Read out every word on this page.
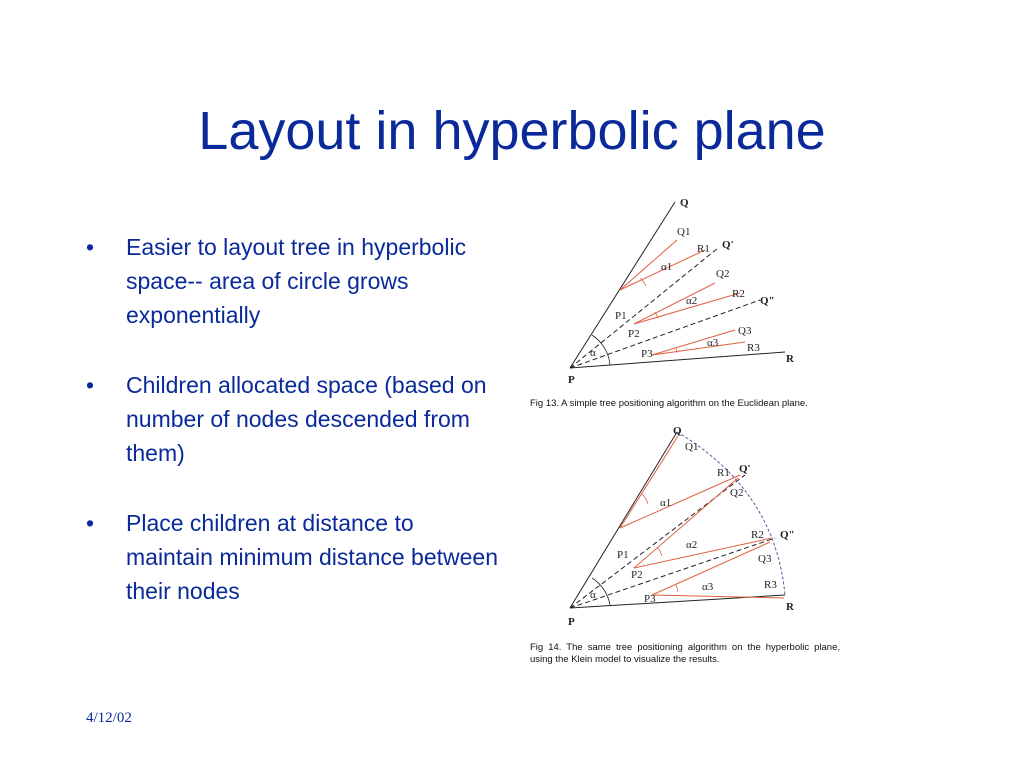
Layout in hyperbolic plane
• Easier to layout tree in hyperbolic space-- area of circle grows exponentially
• Children allocated space (based on number of nodes descended from them)
• Place children at distance to maintain minimum distance between their nodes
Q
Q1
R1 Q'
α1
Q2
R2
α2	Q"
P1
Q3
α3
P2
R3
α	P3	R
P
Fig 13. A simple tree positioning algorithm on the Euclidean plane.
Q
Q1
R1 Q'
Q2
α1
R2 Q"
α2
Q3
P1
P2
α3	R3
α	P3
R
P
Fig 14. The same tree positioning algorithm on the hyperbolic plane, using the Klein model to visualize the results.
4/12/02
